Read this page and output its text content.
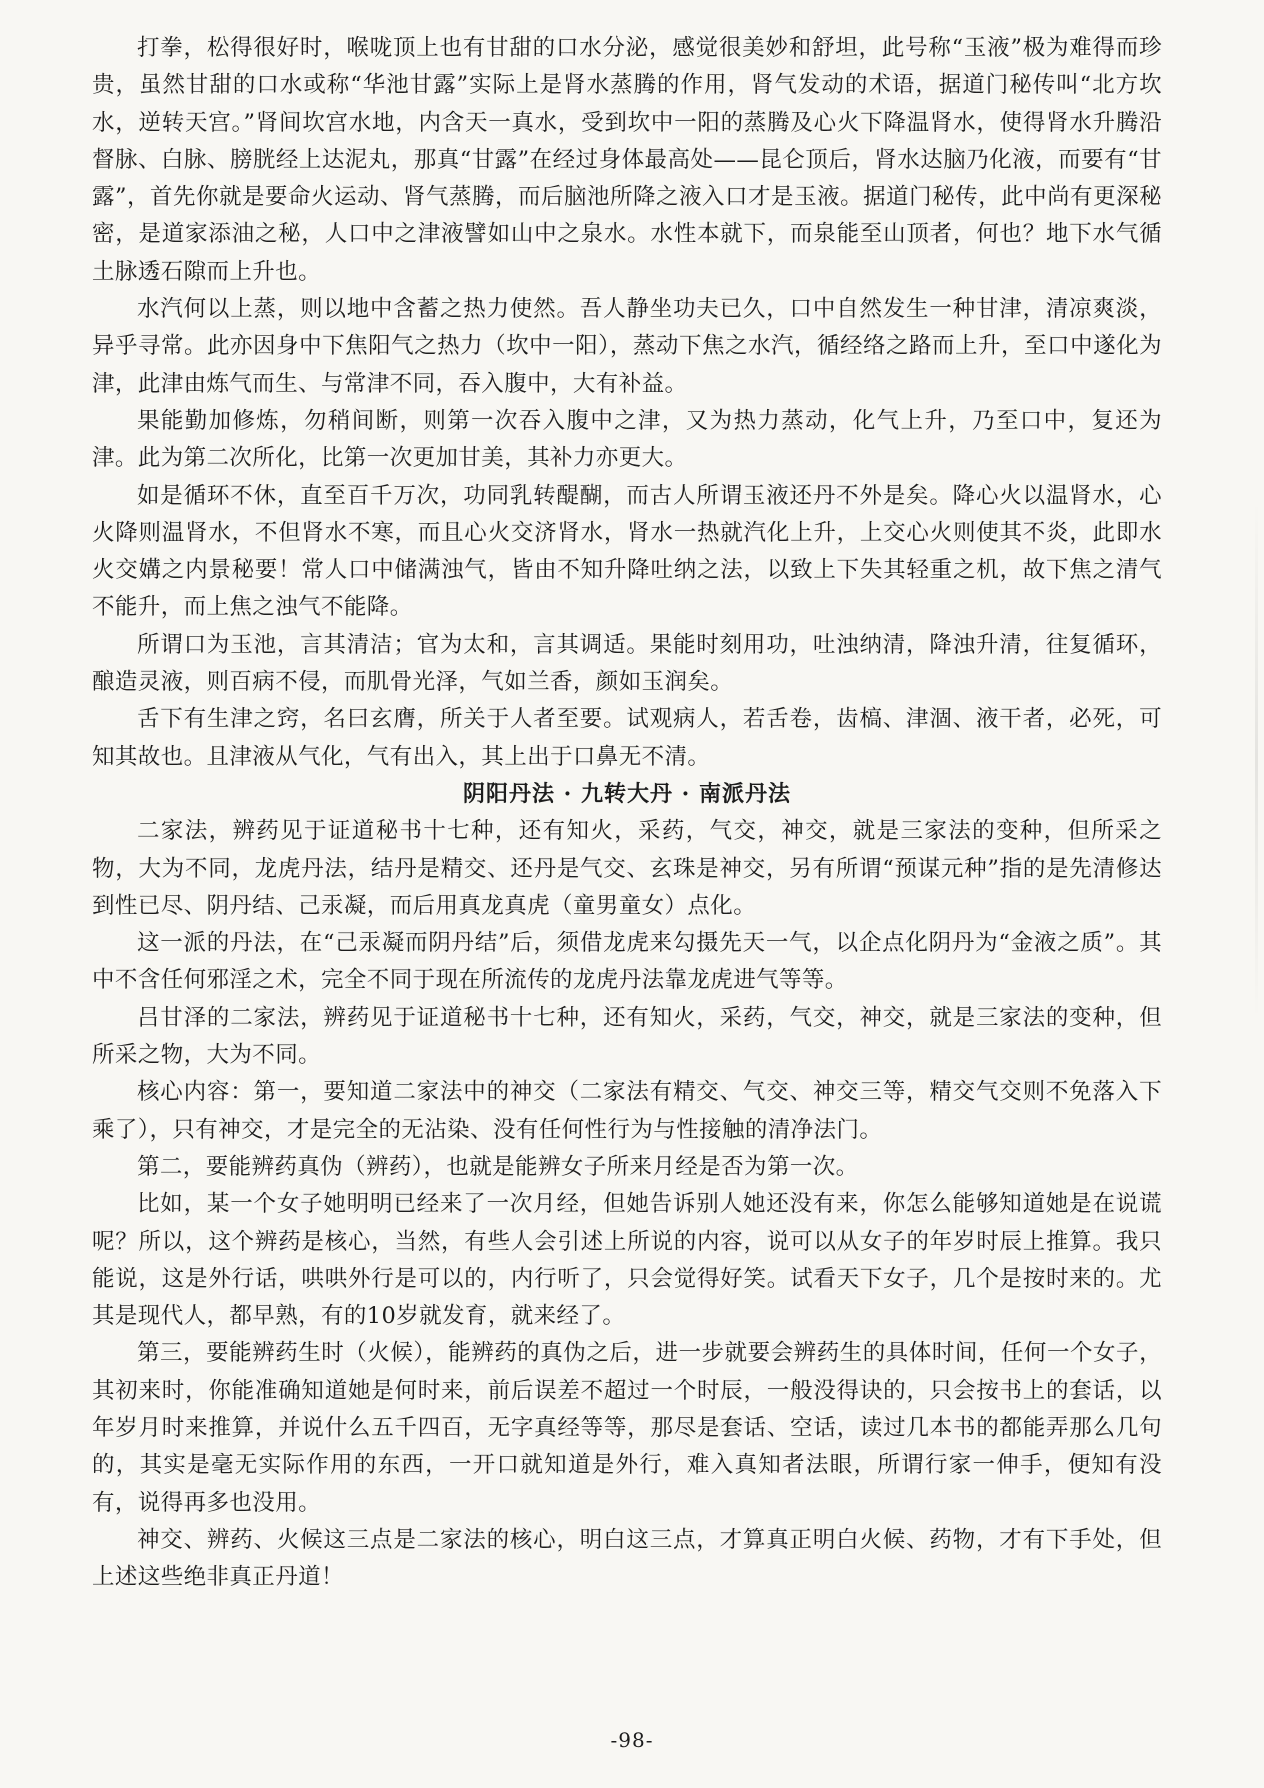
打拳，松得很好时，喉咙顶上也有甘甜的口水分泌，感觉很美妙和舒坦，此号称“玉液”极为难得而珍贵，虽然甘甜的口水或称“华池甘露”实际上是肾水蒸腾的作用，肾气发动的术语，据道门秘传叫“北方坎水，逆转天宫。”肾间坎宫水地，内含天一真水，受到坎中一阳的蒸腾及心火下降温肾水，使得肾水升腾沿督脉、白脉、膀胱经上达泥丸，那真“甘露”在经过身体最高处——昆仑顶后，肾水达脑乃化液，而要有“甘露”，首先你就是要命火运动、肾气蒸腾，而后脑池所降之液入口才是玉液。据道门秘传，此中尚有更深秘密，是道家添油之秘，人口中之津液譬如山中之泉水。水性本就下，而泉能至山顶者，何也？地下水气循土脉透石隙而上升也。

水汽何以上蒸，则以地中含蓄之热力使然。吾人静坐功夫已久，口中自然发生一种甘津，清凉爽淡，异乎寻常。此亦因身中下焦阳气之热力（坎中一阳），蒸动下焦之水汽，循经络之路而上升，至口中遂化为津，此津由炼气而生、与常津不同，吞入腹中，大有补益。

果能勤加修炼，勿稍间断，则第一次吞入腹中之津，又为热力蒸动，化气上升，乃至口中，复还为津。此为第二次所化，比第一次更加甘美，其补力亦更大。

如是循环不休，直至百千万次，功同乳转醍醐，而古人所谓玉液还丹不外是矣。降心火以温肾水，心火降则温肾水，不但肾水不寒，而且心火交济肾水，肾水一热就汽化上升，上交心火则使其不炎，此即水火交媾之内景秘要！常人口中储满浊气，皆由不知升降吐纳之法，以致上下失其轻重之机，故下焦之清气不能升，而上焦之浊气不能降。

所谓口为玉池，言其清洁；官为太和，言其调适。果能时刻用功，吐浊纳清，降浊升清，往复循环，酿造灵液，则百病不侵，而肌骨光泽，气如兰香，颜如玉润矣。

舌下有生津之窍，名曰玄膺，所关于人者至要。试观病人，若舌卷，齿槁、津涸、液干者，必死，可知其故也。且津液从气化，气有出入，其上出于口鼻无不清。

阴阳丹法 · 九转大丹 · 南派丹法

二家法，辨药见于证道秘书十七种，还有知火，采药，气交，神交，就是三家法的变种，但所采之物，大为不同，龙虎丹法，结丹是精交、还丹是气交、玄珠是神交，另有所谓“预谋元种”指的是先清修达到性已尽、阴丹结、己汞凝，而后用真龙真虎（童男童女）点化。

这一派的丹法，在“己汞凝而阴丹结”后，须借龙虎来勾摄先天一气，以企点化阴丹为“金液之质”。其中不含任何邪淫之术，完全不同于现在所流传的龙虎丹法靠龙虎进气等等。

吕甘泽的二家法，辨药见于证道秘书十七种，还有知火，采药，气交，神交，就是三家法的变种，但所采之物，大为不同。

核心内容：第一，要知道二家法中的神交（二家法有精交、气交、神交三等，精交气交则不免落入下乘了），只有神交，才是完全的无沾染、没有任何性行为与性接触的清净法门。

第二，要能辨药真伪（辨药），也就是能辨女子所来月经是否为第一次。

比如，某一个女子她明明已经来了一次月经，但她告诉别人她还没有来，你怎么能够知道她是在说谎呢？所以，这个辨药是核心，当然，有些人会引述上所说的内容，说可以从女子的年岁时辰上推算。我只能说，这是外行话，哄哄外行是可以的，内行听了，只会觉得好笑。试看天下女子，几个是按时来的。尤其是现代人，都早熟，有的10岁就发育，就来经了。

第三，要能辨药生时（火候），能辨药的真伪之后，进一步就要会辨药生的具体时间，任何一个女子，其初来时，你能准确知道她是何时来，前后误差不超过一个时辰，一般没得诀的，只会按书上的套话，以年岁月时来推算，并说什么五千四百，无字真经等等，那尽是套话、空话，读过几本书的都能弄那么几句的，其实是毫无实际作用的东西，一开口就知道是外行，难入真知者法眼，所谓行家一伸手，便知有没有，说得再多也没用。

神交、辨药、火候这三点是二家法的核心，明白这三点，才算真正明白火候、药物，才有下手处，但上述这些绝非真正丹道！

-98-
